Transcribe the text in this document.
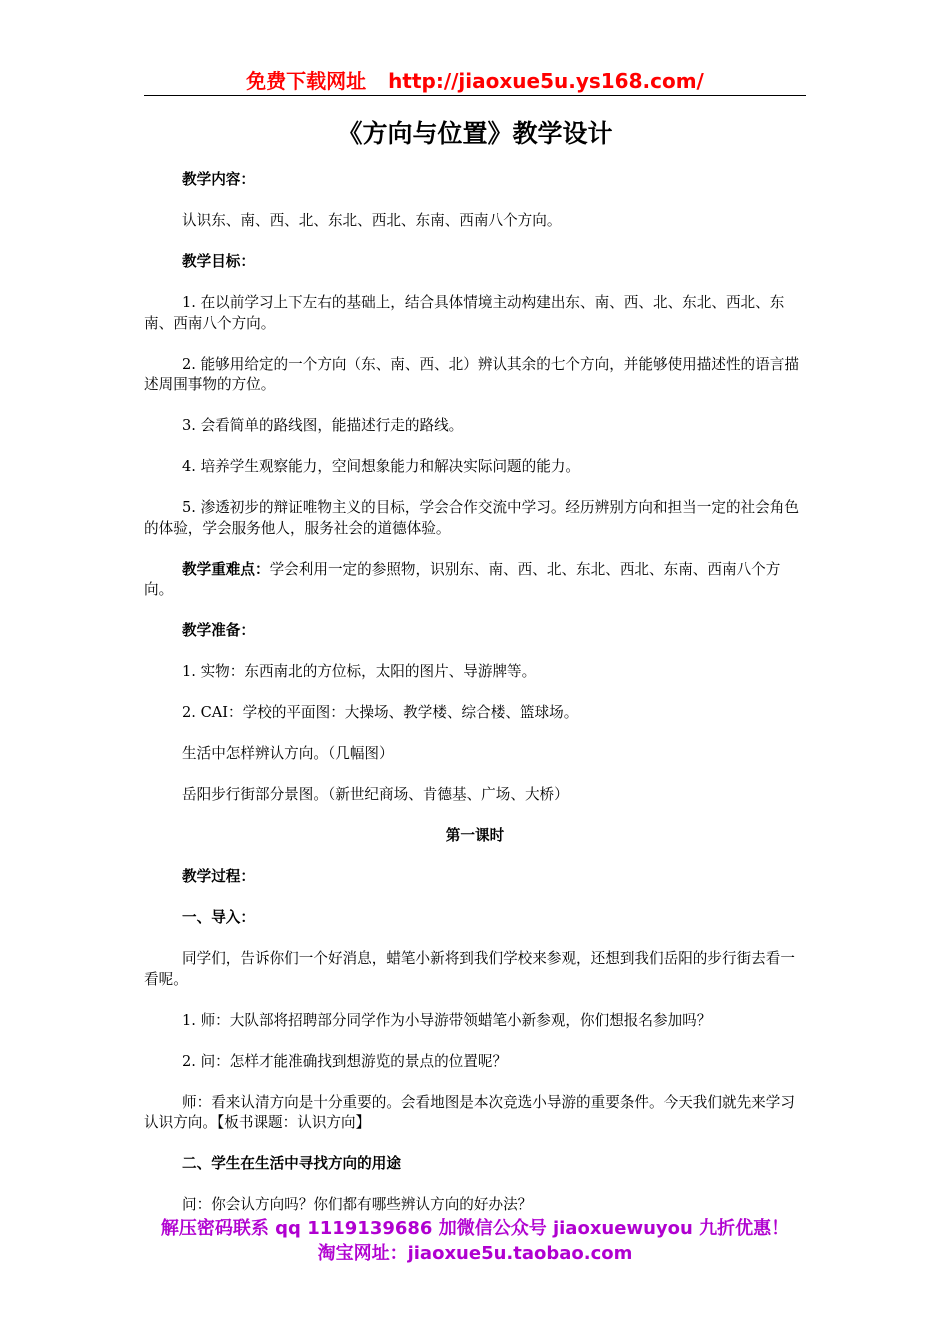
免费下载网址 http://jiaoxue5u.ys168.com/
《方向与位置》教学设计

教学内容：

认识东、南、西、北、东北、西北、东南、西南八个方向。

教学目标：

1. 在以前学习上下左右的基础上，结合具体情境主动构建出东、南、西、北、东北、西北、东南、西南八个方向。

2. 能够用给定的一个方向（东、南、西、北）辨认其余的七个方向，并能够使用描述性的语言描述周围事物的方位。

3. 会看简单的路线图，能描述行走的路线。

4. 培养学生观察能力，空间想象能力和解决实际问题的能力。

5. 渗透初步的辩证唯物主义的目标，学会合作交流中学习。经历辨别方向和担当一定的社会角色的体验，学会服务他人，服务社会的道德体验。

教学重难点：学会利用一定的参照物，识别东、南、西、北、东北、西北、东南、西南八个方向。

教学准备：

1. 实物：东西南北的方位标，太阳的图片、导游牌等。

2. CAI：学校的平面图：大操场、教学楼、综合楼、篮球场。

生活中怎样辨认方向。（几幅图）

岳阳步行街部分景图。（新世纪商场、肯德基、广场、大桥）

第一课时

教学过程：

一、导入：

同学们，告诉你们一个好消息，蜡笔小新将到我们学校来参观，还想到我们岳阳的步行街去看一看呢。

1. 师：大队部将招聘部分同学作为小导游带领蜡笔小新参观，你们想报名参加吗？

2. 问：怎样才能准确找到想游览的景点的位置呢？

师：看来认清方向是十分重要的。会看地图是本次竞选小导游的重要条件。今天我们就先来学习认识方向。【板书课题：认识方向】

二、学生在生活中寻找方向的用途

问：你会认方向吗？你们都有哪些辨认方向的好办法？

解压密码联系 qq 1119139686 加微信公众号 jiaoxuewuyou 九折优惠！
淘宝网址：jiaoxue5u.taobao.com
